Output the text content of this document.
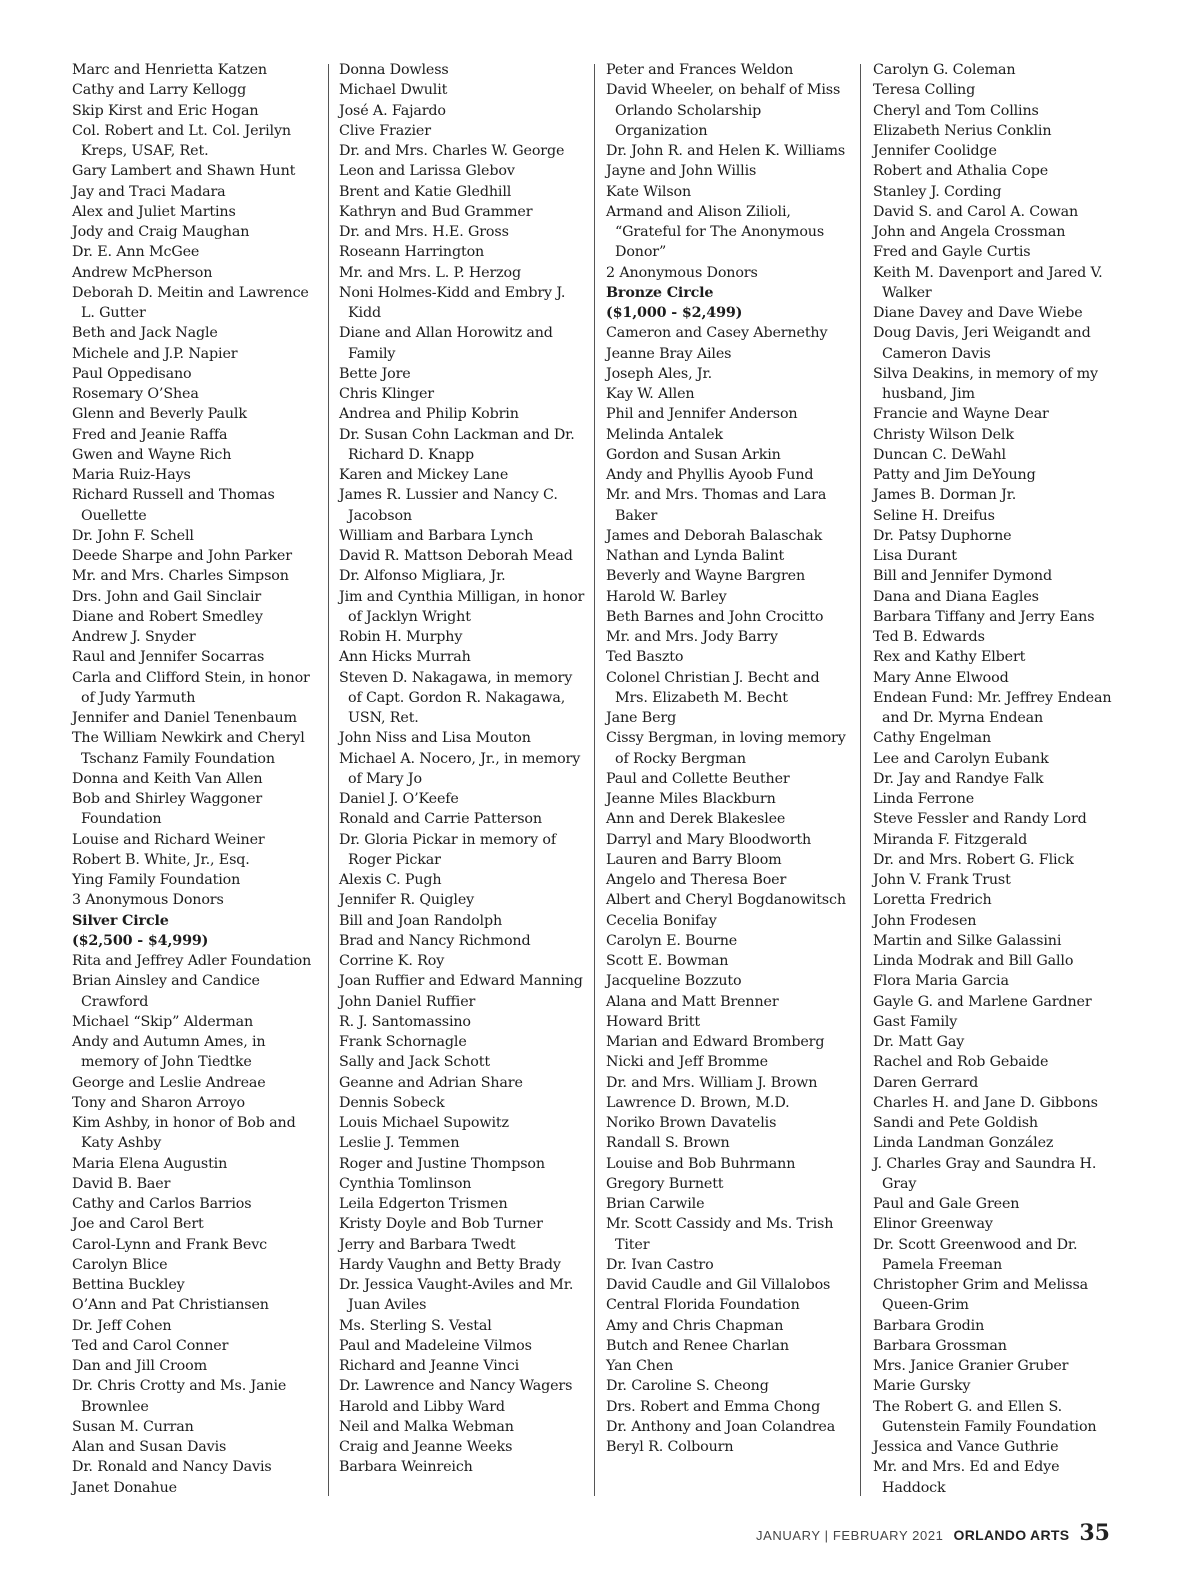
Marc and Henrietta Katzen
Cathy and Larry Kellogg
Skip Kirst and Eric Hogan
Col. Robert and Lt. Col. Jerilyn Kreps, USAF, Ret.
Gary Lambert and Shawn Hunt
Jay and Traci Madara
Alex and Juliet Martins
Jody and Craig Maughan
Dr. E. Ann McGee
Andrew McPherson
Deborah D. Meitin and Lawrence L. Gutter
Beth and Jack Nagle
Michele and J.P. Napier
Paul Oppedisano
Rosemary O’Shea
Glenn and Beverly Paulk
Fred and Jeanie Raffa
Gwen and Wayne Rich
Maria Ruiz-Hays
Richard Russell and Thomas Ouellette
Dr. John F. Schell
Deede Sharpe and John Parker
Mr. and Mrs. Charles Simpson
Drs. John and Gail Sinclair
Diane and Robert Smedley
Andrew J. Snyder
Raul and Jennifer Socarras
Carla and Clifford Stein, in honor of Judy Yarmuth
Jennifer and Daniel Tenenbaum
The William Newkirk and Cheryl Tschanz Family Foundation
Donna and Keith Van Allen
Bob and Shirley Waggoner Foundation
Louise and Richard Weiner
Robert B. White, Jr., Esq.
Ying Family Foundation
3 Anonymous Donors
Silver Circle
($2,500 - $4,999)
Rita and Jeffrey Adler Foundation
Brian Ainsley and Candice Crawford
Michael “Skip” Alderman
Andy and Autumn Ames, in memory of John Tiedtke
George and Leslie Andreae
Tony and Sharon Arroyo
Kim Ashby, in honor of Bob and Katy Ashby
Maria Elena Augustin
David B. Baer
Cathy and Carlos Barrios
Joe and Carol Bert
Carol-Lynn and Frank Bevc
Carolyn Blice
Bettina Buckley
O’Ann and Pat Christiansen
Dr. Jeff Cohen
Ted and Carol Conner
Dan and Jill Croom
Dr. Chris Crotty and Ms. Janie Brownlee
Susan M. Curran
Alan and Susan Davis
Dr. Ronald and Nancy Davis
Janet Donahue
Donna Dowless
Michael Dwulit
José A. Fajardo
Clive Frazier
Dr. and Mrs. Charles W. George
Leon and Larissa Glebov
Brent and Katie Gledhill
Kathryn and Bud Grammer
Dr. and Mrs. H.E. Gross
Roseann Harrington
Mr. and Mrs. L. P. Herzog
Noni Holmes-Kidd and Embry J. Kidd
Diane and Allan Horowitz and Family
Bette Jore
Chris Klinger
Andrea and Philip Kobrin
Dr. Susan Cohn Lackman and Dr. Richard D. Knapp
Karen and Mickey Lane
James R. Lussier and Nancy C. Jacobson
William and Barbara Lynch
David R. Mattson Deborah Mead
Dr. Alfonso Migliara, Jr.
Jim and Cynthia Milligan, in honor of Jacklyn Wright
Robin H. Murphy
Ann Hicks Murrah
Steven D. Nakagawa, in memory of Capt. Gordon R. Nakagawa, USN, Ret.
John Niss and Lisa Mouton
Michael A. Nocero, Jr., in memory of Mary Jo
Daniel J. O’Keefe
Ronald and Carrie Patterson
Dr. Gloria Pickar in memory of Roger Pickar
Alexis C. Pugh
Jennifer R. Quigley
Bill and Joan Randolph
Brad and Nancy Richmond
Corrine K. Roy
Joan Ruffier and Edward Manning
John Daniel Ruffier
R. J. Santomassino
Frank Schornagle
Sally and Jack Schott
Geanne and Adrian Share
Dennis Sobeck
Louis Michael Supowitz
Leslie J. Temmen
Roger and Justine Thompson
Cynthia Tomlinson
Leila Edgerton Trismen
Kristy Doyle and Bob Turner
Jerry and Barbara Twedt
Hardy Vaughn and Betty Brady
Dr. Jessica Vaught-Aviles and Mr. Juan Aviles
Ms. Sterling S. Vestal
Paul and Madeleine Vilmos
Richard and Jeanne Vinci
Dr. Lawrence and Nancy Wagers
Harold and Libby Ward
Neil and Malka Webman
Craig and Jeanne Weeks
Barbara Weinreich
Peter and Frances Weldon
David Wheeler, on behalf of Miss Orlando Scholarship Organization
Dr. John R. and Helen K. Williams
Jayne and John Willis
Kate Wilson
Armand and Alison Zilioli, “Grateful for The Anonymous Donor”
2 Anonymous Donors
Bronze Circle
($1,000 - $2,499)
Cameron and Casey Abernethy
Jeanne Bray Ailes
Joseph Ales, Jr.
Kay W. Allen
Phil and Jennifer Anderson
Melinda Antalek
Gordon and Susan Arkin
Andy and Phyllis Ayoob Fund
Mr. and Mrs. Thomas and Lara Baker
James and Deborah Balaschak
Nathan and Lynda Balint
Beverly and Wayne Bargren
Harold W. Barley
Beth Barnes and John Crocitto
Mr. and Mrs. Jody Barry
Ted Baszto
Colonel Christian J. Becht and Mrs. Elizabeth M. Becht
Jane Berg
Cissy Bergman, in loving memory of Rocky Bergman
Paul and Collette Beuther
Jeanne Miles Blackburn
Ann and Derek Blakeslee
Darryl and Mary Bloodworth
Lauren and Barry Bloom
Angelo and Theresa Boer
Albert and Cheryl Bogdanowitsch
Cecelia Bonifay
Carolyn E. Bourne
Scott E. Bowman
Jacqueline Bozzuto
Alana and Matt Brenner
Howard Britt
Marian and Edward Bromberg
Nicki and Jeff Bromme
Dr. and Mrs. William J. Brown
Lawrence D. Brown, M.D.
Noriko Brown Davatelis
Randall S. Brown
Louise and Bob Buhrmann
Gregory Burnett
Brian Carwile
Mr. Scott Cassidy and Ms. Trish Titer
Dr. Ivan Castro
David Caudle and Gil Villalobos
Central Florida Foundation
Amy and Chris Chapman
Butch and Renee Charlan
Yan Chen
Dr. Caroline S. Cheong
Drs. Robert and Emma Chong
Dr. Anthony and Joan Colandrea
Beryl R. Colbourn
Carolyn G. Coleman
Teresa Colling
Cheryl and Tom Collins
Elizabeth Nerius Conklin
Jennifer Coolidge
Robert and Athalia Cope
Stanley J. Cording
David S. and Carol A. Cowan
John and Angela Crossman
Fred and Gayle Curtis
Keith M. Davenport and Jared V. Walker
Diane Davey and Dave Wiebe
Doug Davis, Jeri Weigandt and Cameron Davis
Silva Deakins, in memory of my husband, Jim
Francie and Wayne Dear
Christy Wilson Delk
Duncan C. DeWahl
Patty and Jim DeYoung
James B. Dorman Jr.
Seline H. Dreifus
Dr. Patsy Duphorne
Lisa Durant
Bill and Jennifer Dymond
Dana and Diana Eagles
Barbara Tiffany and Jerry Eans
Ted B. Edwards
Rex and Kathy Elbert
Mary Anne Elwood
Endean Fund: Mr. Jeffrey Endean and Dr. Myrna Endean
Cathy Engelman
Lee and Carolyn Eubank
Dr. Jay and Randye Falk
Linda Ferrone
Steve Fessler and Randy Lord
Miranda F. Fitzgerald
Dr. and Mrs. Robert G. Flick
John V. Frank Trust
Loretta Fredrich
John Frodesen
Martin and Silke Galassini
Linda Modrak and Bill Gallo
Flora Maria Garcia
Gayle G. and Marlene Gardner
Gast Family
Dr. Matt Gay
Rachel and Rob Gebaide
Daren Gerrard
Charles H. and Jane D. Gibbons
Sandi and Pete Goldish
Linda Landman González
J. Charles Gray and Saundra H. Gray
Paul and Gale Green
Elinor Greenway
Dr. Scott Greenwood and Dr. Pamela Freeman
Christopher Grim and Melissa Queen-Grim
Barbara Grodin
Barbara Grossman
Mrs. Janice Granier Gruber
Marie Gursky
The Robert G. and Ellen S. Gutenstein Family Foundation
Jessica and Vance Guthrie
Mr. and Mrs. Ed and Edye Haddock
JANUARY | FEBRUARY 2021 ORLANDO ARTS 35
